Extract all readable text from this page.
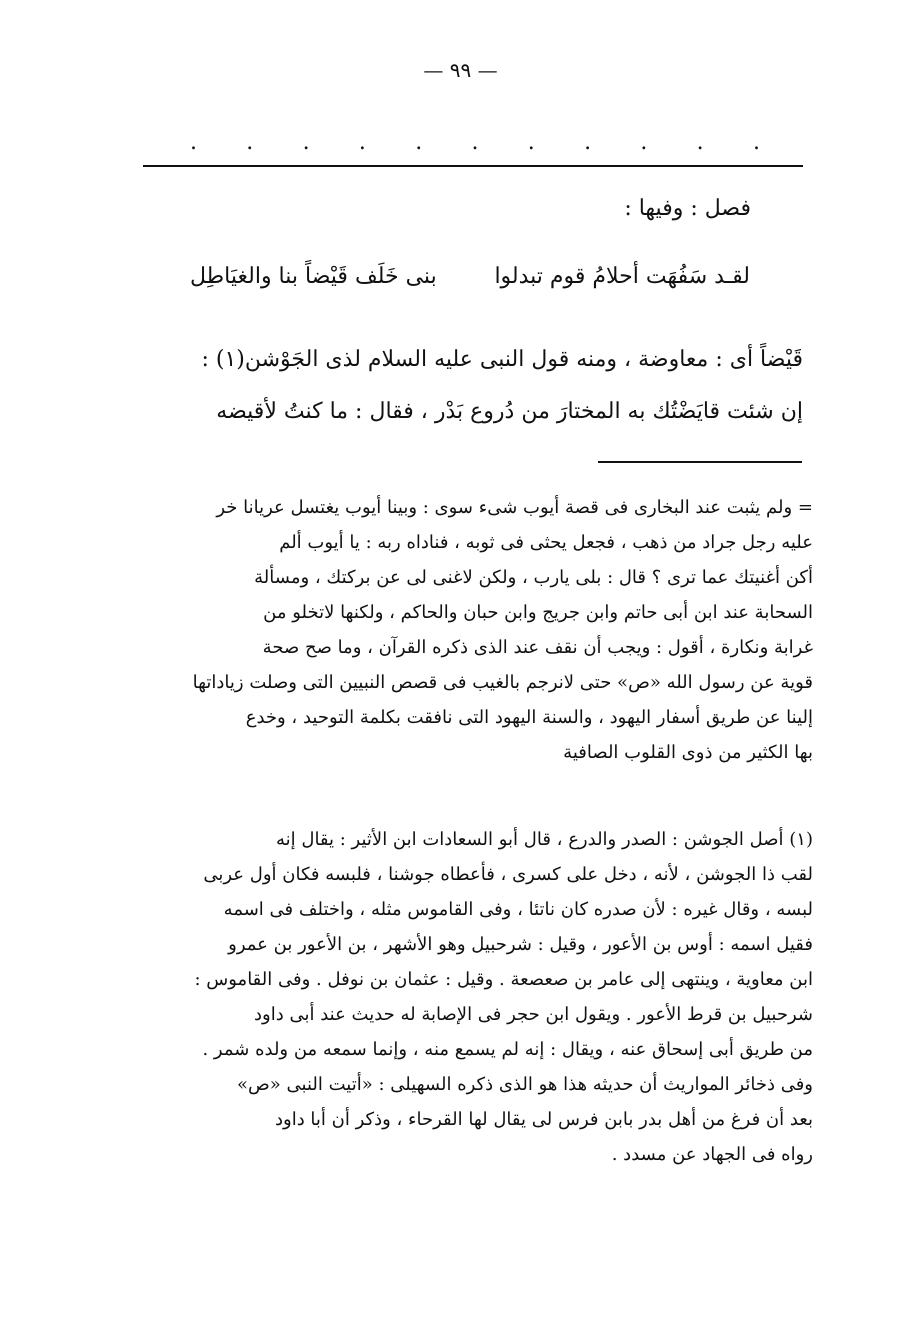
— ٩٩ —
. . . . . . . . . . .
فصل : وفيها :
لقـد سَفُهَت أحلامُ قوم تبدلوا
بنى خَلَف قَيْضاً بنا والغيَاطِل
قَيْضاً أى : معاوضة ، ومنه قول النبى عليه السلام لذى الجَوْشن(١) :
إن شئت قايَضْتُك به المختارَ من دُروع بَدْر ، فقال : ما كنتُ لأقيضه
= ولم يثبت عند البخارى فى قصة أيوب شىء سوى : وبينا أيوب يغتسل عريانا خر
عليه رجل جراد من ذهب ، فجعل يحثى فى ثوبه ، فناداه ربه : يا أيوب ألم
أكن أغنيتك عما ترى ؟ قال : بلى يارب ، ولكن لاغنى لى عن بركتك ، ومسألة
السحابة عند ابن أبى حاتم وابن جريج وابن حبان والحاكم ، ولكنها لاتخلو من
غرابة ونكارة ، أقول : ويجب أن نقف عند الذى ذكره القرآن ، وما صح صحة
قوية عن رسول الله «ص» حتى لانرجم بالغيب فى قصص النبيين التى وصلت زياداتها
إلينا عن طريق أسفار اليهود ، والسنة اليهود التى نافقت بكلمة التوحيد ، وخدع
بها الكثير من ذوى القلوب الصافية
(١) أصل الجوشن : الصدر والدرع ، قال أبو السعادات ابن الأثير : يقال إنه
لقب ذا الجوشن ، لأنه ، دخل على كسرى ، فأعطاه جوشنا ، فلبسه فكان أول عربى
لبسه ، وقال غيره : لأن صدره كان ناتئا ، وفى القاموس مثله ، واختلف فى اسمه
فقيل اسمه : أوس بن الأعور ، وقيل : شرحبيل وهو الأشهر ، بن الأعور بن عمرو
ابن معاوية ، وينتهى إلى عامر بن صعصعة . وقيل : عثمان بن نوفل . وفى القاموس :
شرحبيل بن قرط الأعور . ويقول ابن حجر فى الإصابة له حديث عند أبى داود
من طريق أبى إسحاق عنه ، ويقال : إنه لم يسمع منه ، وإنما سمعه من ولده شمر .
وفى ذخائر المواريث أن حديثه هذا هو الذى ذكره السهيلى : «أتيت النبى «ص»
بعد أن فرغ من أهل بدر بابن فرس لى يقال لها القرحاء ، وذكر أن أبا داود
رواه فى الجهاد عن مسدد .
